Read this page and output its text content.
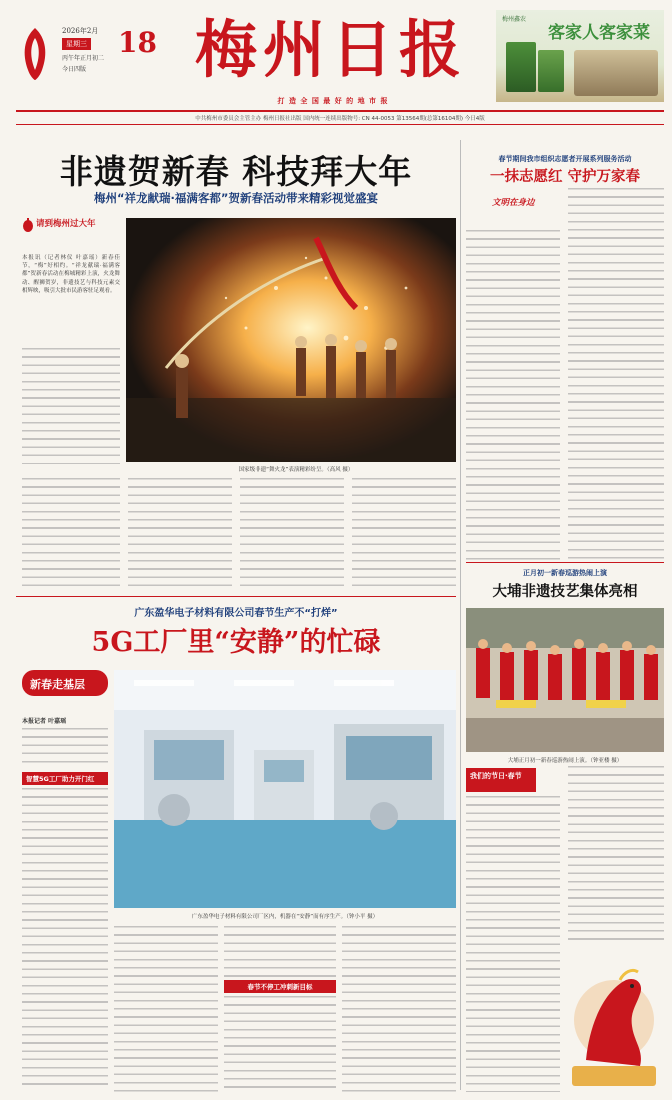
2026年2月
星期三
丙午年正月初二
今日四版
18 梅州日报
打 造 全 国 最 好 的 地 市 报
梅州鑫农
客家人客家菜
中共梅州市委员会主管主办 梅州日报社出版 国内统一连续出版物号: CN 44-0053 第13564期(总第16104期) 今日4版
非遗贺新春 科技拜大年
梅州“祥龙献瑞·福满客都”贺新春活动带来精彩视觉盛宴
请到梅州过大年
本报讯（记者林仪 叶嘉瑶）新春佳节，“梅”好相约。“祥龙献瑞·福满客都”贺新春活动在梅城精彩上演，火龙舞动、醒狮贺岁，非遗技艺与科技元素交相辉映，吸引大批市民游客驻足观看。
国家级非遗“舞火龙”表演精彩纷呈。（高风 摄）
春节期间我市组织志愿者开展系列服务活动
一抹志愿红 守护万家春
文明在身边
正月初一新春巡游热闹上演
大埔非遗技艺集体亮相
大埔正月初一新春巡游热闹上演。（钟亚楼 摄）
我们的节日·春节
广东盈华电子材料有限公司春节生产不“打烊”
5G工厂里“安静”的忙碌
新春走基层
本报记者 叶嘉瑶
智慧5G工厂助力开门红
广东盈华电子材料有限公司厂区内，机器在“安静”而有序生产。（钟小平 摄）
春节不停工冲刺新目标
